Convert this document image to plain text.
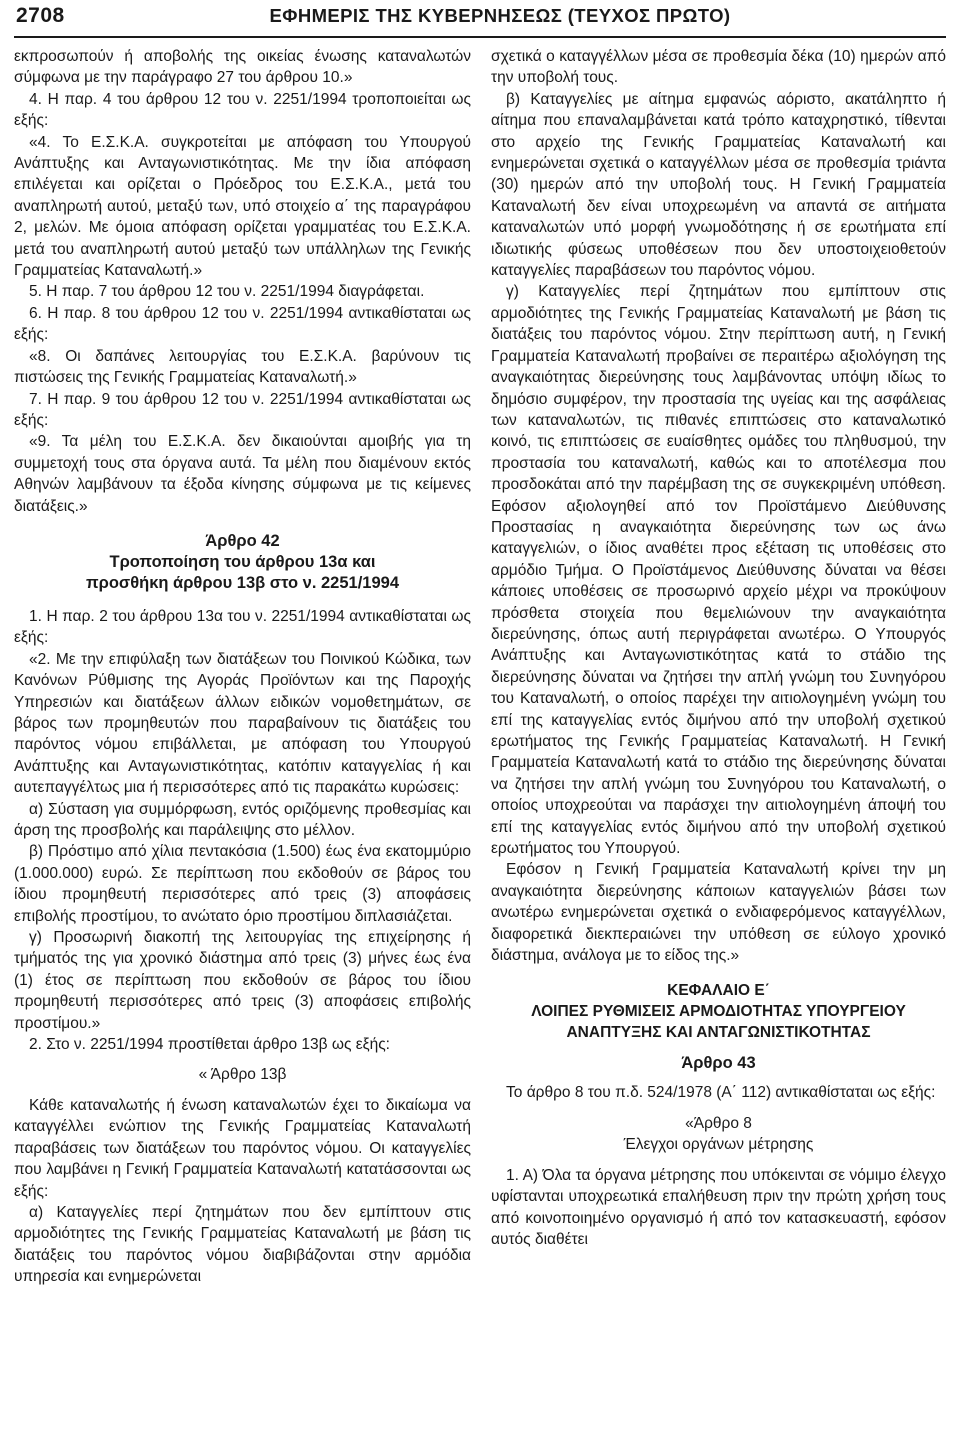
2708	ΕΦΗΜΕΡΙΣ ΤΗΣ ΚΥΒΕΡΝΗΣΕΩΣ (ΤΕΥΧΟΣ ΠΡΩΤΟ)

εκπροσωπούν ή αποβολής της οικείας ένωσης καταναλωτών σύμφωνα με την παράγραφο 27 του άρθρου 10.»

4. Η παρ. 4 του άρθρου 12 του ν. 2251/1994 τροποποιείται ως εξής:

«4. Το Ε.Σ.Κ.Α. συγκροτείται με απόφαση του Υπουργού Ανάπτυξης και Ανταγωνιστικότητας. Με την ίδια απόφαση επιλέγεται και ορίζεται ο Πρόεδρος του Ε.Σ.Κ.Α., μετά του αναπληρωτή αυτού, μεταξύ των, υπό στοιχείο α΄ της παραγράφου 2, μελών. Με όμοια απόφαση ορίζεται γραμματέας του Ε.Σ.Κ.Α. μετά του αναπληρωτή αυτού μεταξύ των υπάλληλων της Γενικής Γραμματείας Καταναλωτή.»

5. Η παρ. 7 του άρθρου 12 του ν. 2251/1994 διαγράφεται.

6. Η παρ. 8 του άρθρου 12 του ν. 2251/1994 αντικαθίσταται ως εξής:

«8. Οι δαπάνες λειτουργίας του Ε.Σ.Κ.Α. βαρύνουν τις πιστώσεις της Γενικής Γραμματείας Καταναλωτή.»

7. Η παρ. 9 του άρθρου 12 του ν. 2251/1994 αντικαθίσταται ως εξής:

«9. Τα μέλη του Ε.Σ.Κ.Α. δεν δικαιούνται αμοιβής για τη συμμετοχή τους στα όργανα αυτά. Τα μέλη που διαμένουν εκτός Αθηνών λαμβάνουν τα έξοδα κίνησης σύμφωνα με τις κείμενες διατάξεις.»

Άρθρο 42
Τροποποίηση του άρθρου 13α και
προσθήκη άρθρου 13β στο ν. 2251/1994

1. Η παρ. 2 του άρθρου 13α του ν. 2251/1994 αντικαθίσταται ως εξής:

«2. Με την επιφύλαξη των διατάξεων του Ποινικού Κώδικα, των Κανόνων Ρύθμισης της Αγοράς Προϊόντων και της Παροχής Υπηρεσιών και διατάξεων άλλων ειδικών νομοθετημάτων, σε βάρος των προμηθευτών που παραβαίνουν τις διατάξεις του παρόντος νόμου επιβάλλεται, με απόφαση του Υπουργού Ανάπτυξης και Ανταγωνιστικότητας, κατόπιν καταγγελίας ή και αυτεπαγγέλτως μια ή περισσότερες από τις παρακάτω κυρώσεις:

α) Σύσταση για συμμόρφωση, εντός οριζόμενης προθεσμίας και άρση της προσβολής και παράλειψης στο μέλλον.

β) Πρόστιμο από χίλια πεντακόσια (1.500) έως ένα εκατομμύριο (1.000.000) ευρώ. Σε περίπτωση που εκδοθούν σε βάρος του ίδιου προμηθευτή περισσότερες από τρεις (3) αποφάσεις επιβολής προστίμου, το ανώτατο όριο προστίμου διπλασιάζεται.

γ) Προσωρινή διακοπή της λειτουργίας της επιχείρησης ή τμήματός της για χρονικό διάστημα από τρεις (3) μήνες έως ένα (1) έτος σε περίπτωση που εκδοθούν σε βάρος του ίδιου προμηθευτή περισσότερες από τρεις (3) αποφάσεις επιβολής προστίμου.»

2. Στο ν. 2251/1994 προστίθεται άρθρο 13β ως εξής:

« Άρθρο 13β

Κάθε καταναλωτής ή ένωση καταναλωτών έχει το δικαίωμα να καταγγέλλει ενώπιον της Γενικής Γραμματείας Καταναλωτή παραβάσεις των διατάξεων του παρόντος νόμου. Οι καταγγελίες που λαμβάνει η Γενική Γραμματεία Καταναλωτή κατατάσσονται ως εξής:

α) Καταγγελίες περί ζητημάτων που δεν εμπίπτουν στις αρμοδιότητες της Γενικής Γραμματείας Καταναλωτή με βάση τις διατάξεις του παρόντος νόμου διαβιβάζονται στην αρμόδια υπηρεσία και ενημερώνεται

σχετικά ο καταγγέλλων μέσα σε προθεσμία δέκα (10) ημερών από την υποβολή τους.

β) Καταγγελίες με αίτημα εμφανώς αόριστο, ακατάληπτο ή αίτημα που επαναλαμβάνεται κατά τρόπο καταχρηστικό, τίθενται στο αρχείο της Γενικής Γραμματείας Καταναλωτή και ενημερώνεται σχετικά ο καταγγέλλων μέσα σε προθεσμία τριάντα (30) ημερών από την υποβολή τους. Η Γενική Γραμματεία Καταναλωτή δεν είναι υποχρεωμένη να απαντά σε αιτήματα καταναλωτών υπό μορφή γνωμοδότησης ή σε ερωτήματα επί ιδιωτικής φύσεως υποθέσεων που δεν υποστοιχειοθετούν καταγγελίες παραβάσεων του παρόντος νόμου.

γ) Καταγγελίες περί ζητημάτων που εμπίπτουν στις αρμοδιότητες της Γενικής Γραμματείας Καταναλωτή με βάση τις διατάξεις του παρόντος νόμου. Στην περίπτωση αυτή, η Γενική Γραμματεία Καταναλωτή προβαίνει σε περαιτέρω αξιολόγηση της αναγκαιότητας διερεύνησης τους λαμβάνοντας υπόψη ιδίως το δημόσιο συμφέρον, την προστασία της υγείας και της ασφάλειας των καταναλωτών, τις πιθανές επιπτώσεις στο καταναλωτικό κοινό, τις επιπτώσεις σε ευαίσθητες ομάδες του πληθυσμού, την προστασία του καταναλωτή, καθώς και το αποτέλεσμα που προσδοκάται από την παρέμβαση της σε συγκεκριμένη υπόθεση. Εφόσον αξιολογηθεί από τον Προϊστάμενο Διεύθυνσης Προστασίας η αναγκαιότητα διερεύνησης των ως άνω καταγγελιών, ο ίδιος αναθέτει προς εξέταση τις υποθέσεις στο αρμόδιο Τμήμα. Ο Προϊστάμενος Διεύθυνσης δύναται να θέσει κάποιες υποθέσεις σε προσωρινό αρχείο μέχρι να προκύψουν πρόσθετα στοιχεία που θεμελιώνουν την αναγκαιότητα διερεύνησης, όπως αυτή περιγράφεται ανωτέρω. Ο Υπουργός Ανάπτυξης και Ανταγωνιστικότητας κατά το στάδιο της διερεύνησης δύναται να ζητήσει την απλή γνώμη του Συνηγόρου του Καταναλωτή, ο οποίος παρέχει την αιτιολογημένη γνώμη του επί της καταγγελίας εντός διμήνου από την υποβολή σχετικού ερωτήματος της Γενικής Γραμματείας Καταναλωτή. Η Γενική Γραμματεία Καταναλωτή κατά το στάδιο της διερεύνησης δύναται να ζητήσει την απλή γνώμη του Συνηγόρου του Καταναλωτή, ο οποίος υποχρεούται να παράσχει την αιτιολογημένη άποψή του επί της καταγγελίας εντός διμήνου από την υποβολή σχετικού ερωτήματος του Υπουργού.

Εφόσον η Γενική Γραμματεία Καταναλωτή κρίνει την μη αναγκαιότητα διερεύνησης κάποιων καταγγελιών βάσει των ανωτέρω ενημερώνεται σχετικά ο ενδιαφερόμενος καταγγέλλων, διαφορετικά διεκπεραιώνει την υπόθεση σε εύλογο χρονικό διάστημα, ανάλογα με το είδος της.»

ΚΕΦΑΛΑΙΟ Ε΄
ΛΟΙΠΕΣ ΡΥΘΜΙΣΕΙΣ ΑΡΜΟΔΙΟΤΗΤΑΣ ΥΠΟΥΡΓΕΙΟΥ
ΑΝΑΠΤΥΞΗΣ ΚΑΙ ΑΝΤΑΓΩΝΙΣΤΙΚΟΤΗΤΑΣ
Άρθρο 43

Το άρθρο 8 του π.δ. 524/1978 (Α΄ 112) αντικαθίσταται ως εξής:

«Άρθρο 8

Έλεγχοι οργάνων μέτρησης

1. Α) Όλα τα όργανα μέτρησης που υπόκεινται σε νόμιμο έλεγχο υφίστανται υποχρεωτικά επαλήθευση πριν την πρώτη χρήση τους από κοινοποιημένο οργανισμό ή από τον κατασκευαστή, εφόσον αυτός διαθέτει
